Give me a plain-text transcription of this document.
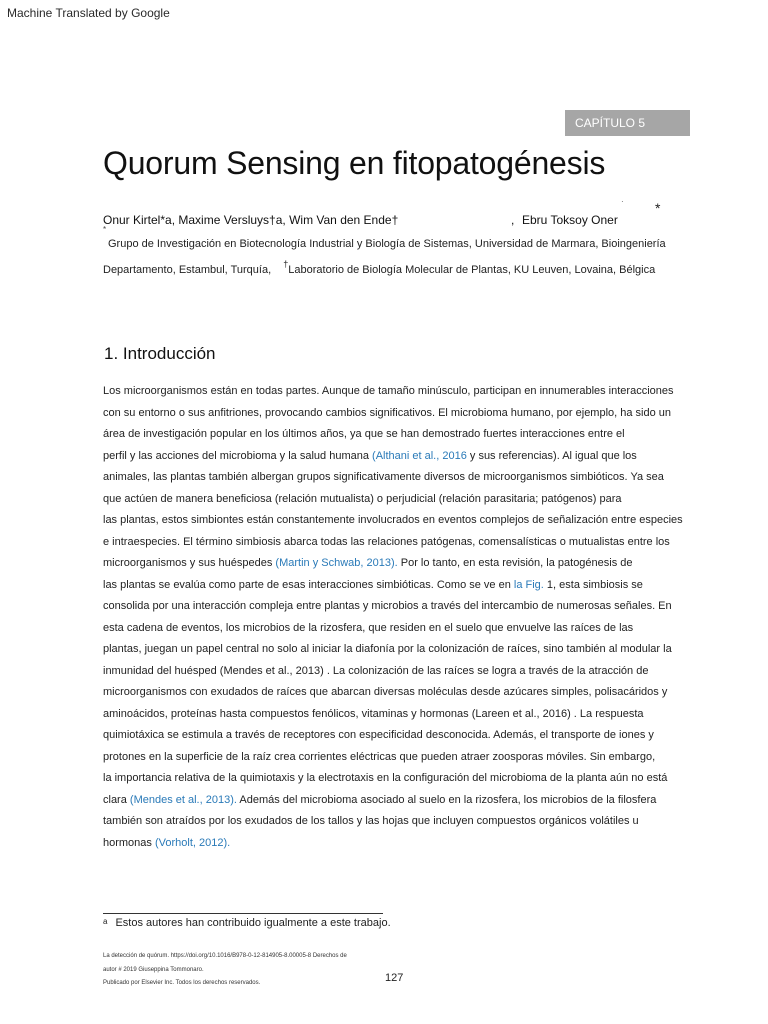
Machine Translated by Google
CAPÍTULO 5
Quorum Sensing en fitopatogénesis
*
Onur Kirtel*a, Maxime Versluys†a, Wim Van den Ende†	, Ebru Toksoy Oner
· *
Grupo de Investigación en Biotecnología Industrial y Biología de Sistemas, Universidad de Marmara, Bioingeniería
Departamento, Estambul, Turquía, †Laboratorio de Biología Molecular de Plantas, KU Leuven, Lovaina, Bélgica
1. Introducción
Los microorganismos están en todas partes. Aunque de tamaño minúsculo, participan en innumerables interacciones
con su entorno o sus anfitriones, provocando cambios significativos. El microbioma humano, por ejemplo, ha sido un
área de investigación popular en los últimos años, ya que se han demostrado fuertes interacciones entre el
perfil y las acciones del microbioma y la salud humana (Althani et al., 2016 y sus referencias). Al igual que los
animales, las plantas también albergan grupos significativamente diversos de microorganismos simbióticos. Ya sea
que actúen de manera beneficiosa (relación mutualista) o perjudicial (relación parasitaria; patógenos) para
las plantas, estos simbiontes están constantemente involucrados en eventos complejos de señalización entre especies
e intraespecies. El término simbiosis abarca todas las relaciones patógenas, comensalísticas o mutualistas entre los
microorganismos y sus huéspedes (Martin y Schwab, 2013). Por lo tanto, en esta revisión, la patogénesis de
las plantas se evalúa como parte de esas interacciones simbióticas. Como se ve en la Fig. 1, esta simbiosis se
consolida por una interacción compleja entre plantas y microbios a través del intercambio de numerosas señales. En
esta cadena de eventos, los microbios de la rizosfera, que residen en el suelo que envuelve las raíces de las
plantas, juegan un papel central no solo al iniciar la diafonía por la colonización de raíces, sino también al modular la
inmunidad del huésped (Mendes et al., 2013) . La colonización de las raíces se logra a través de la atracción de
microorganismos con exudados de raíces que abarcan diversas moléculas desde azúcares simples, polisacáridos y
aminoácidos, proteínas hasta compuestos fenólicos, vitaminas y hormonas (Lareen et al., 2016) . La respuesta
quimiotáxica se estimula a través de receptores con especificidad desconocida. Además, el transporte de iones y
protones en la superficie de la raíz crea corrientes eléctricas que pueden atraer zoosporas móviles. Sin embargo,
la importancia relativa de la quimiotaxis y la electrotaxis en la configuración del microbioma de la planta aún no está
clara (Mendes et al., 2013). Además del microbioma asociado al suelo en la rizosfera, los microbios de la filosfera
también son atraídos por los exudados de los tallos y las hojas que incluyen compuestos orgánicos volátiles u
hormonas (Vorholt, 2012).
$^a$ Estos autores han contribuido igualmente a este trabajo.
La detección de quórum. https://doi.org/10.1016/B978-0-12-814905-8.00005-8 Derechos de
autor # 2019 Giuseppina Tommonaro.
Publicado por Elsevier Inc. Todos los derechos reservados.	127
